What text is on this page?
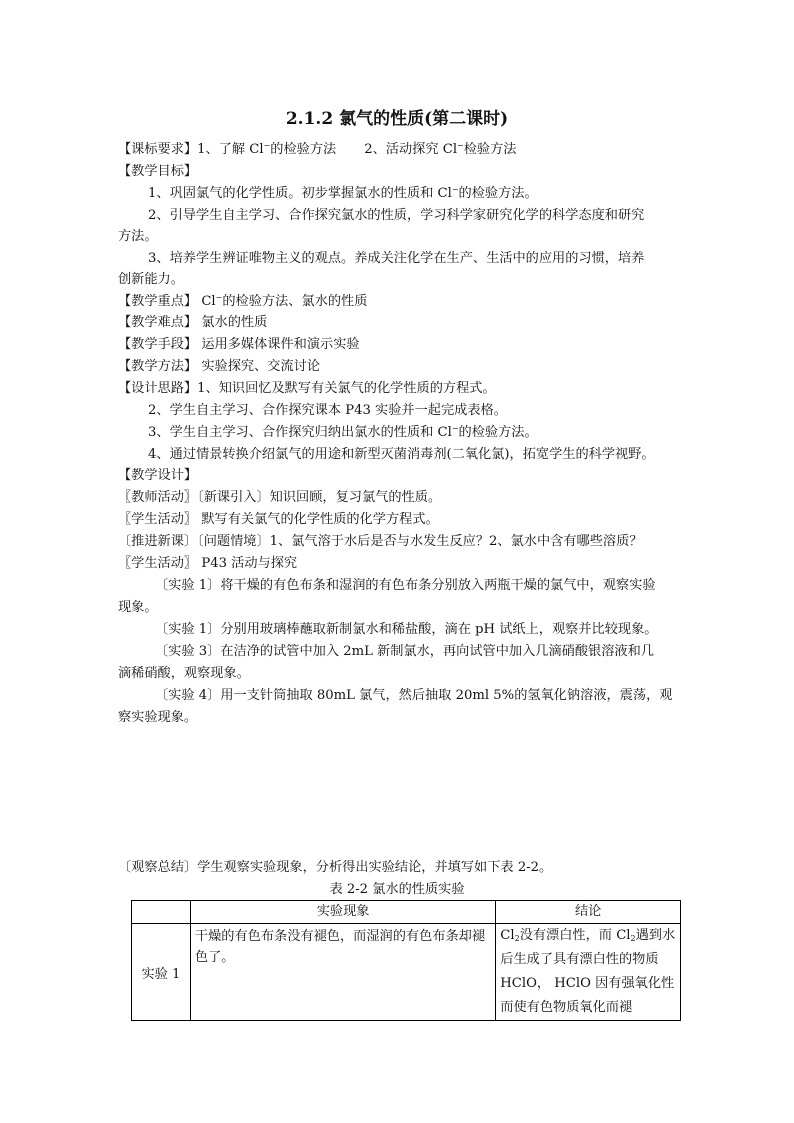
2.1.2 氯气的性质(第二课时)
【课标要求】1、了解 Cl−的检验方法 2、活动探究 Cl−检验方法
【教学目标】
1、巩固氯气的化学性质。初步掌握氯水的性质和 Cl−的检验方法。
2、引导学生自主学习、合作探究氯水的性质，学习科学家研究化学的科学态度和研究
方法。
3、培养学生辨证唯物主义的观点。养成关注化学在生产、生活中的应用的习惯，培养
创新能力。
【教学重点】 Cl−的检验方法、氯水的性质
【教学难点】 氯水的性质
【教学手段】 运用多媒体课件和演示实验
【教学方法】 实验探究、交流讨论
【设计思路】1、知识回忆及默写有关氯气的化学性质的方程式。
2、学生自主学习、合作探究课本 P43 实验并一起完成表格。
3、学生自主学习、合作探究归纳出氯水的性质和 Cl−的检验方法。
4、通过情景转换介绍氯气的用途和新型灭菌消毒剂(二氧化氯)，拓宽学生的科学视野。
【教学设计】
〖教师活动〗〔新课引入〕知识回顾，复习氯气的性质。
〖学生活动〗 默写有关氯气的化学性质的化学方程式。
〔推进新课〕〔问题情境〕1、氯气溶于水后是否与水发生反应？2、氯水中含有哪些溶质？
〖学生活动〗 P43 活动与探究
〔实验 1〕将干燥的有色布条和湿润的有色布条分别放入两瓶干燥的氯气中，观察实验
现象。
〔实验 1〕分别用玻璃棒蘸取新制氯水和稀盐酸，滴在 pH 试纸上，观察并比较现象。
〔实验 3〕在洁净的试管中加入 2mL 新制氯水，再向试管中加入几滴硝酸银溶液和几
滴稀硝酸，观察现象。
〔实验 4〕用一支针筒抽取 80mL 氯气，然后抽取 20ml 5%的氢氧化钠溶液，震荡，观
察实验现象。
〔观察总结〕学生观察实验现象，分析得出实验结论，并填写如下表 2-2。
表 2-2 氯水的性质实验
	实验现象	结论
实验 1	干燥的有色布条没有褪色，而湿润的有色布条却褪色了。	$Cl_2$没有漂白性，而 $Cl_2$遇到水后生成了具有漂白性的物质 HClO， HClO 因有强氧化性而使有色物质氧化而褪
